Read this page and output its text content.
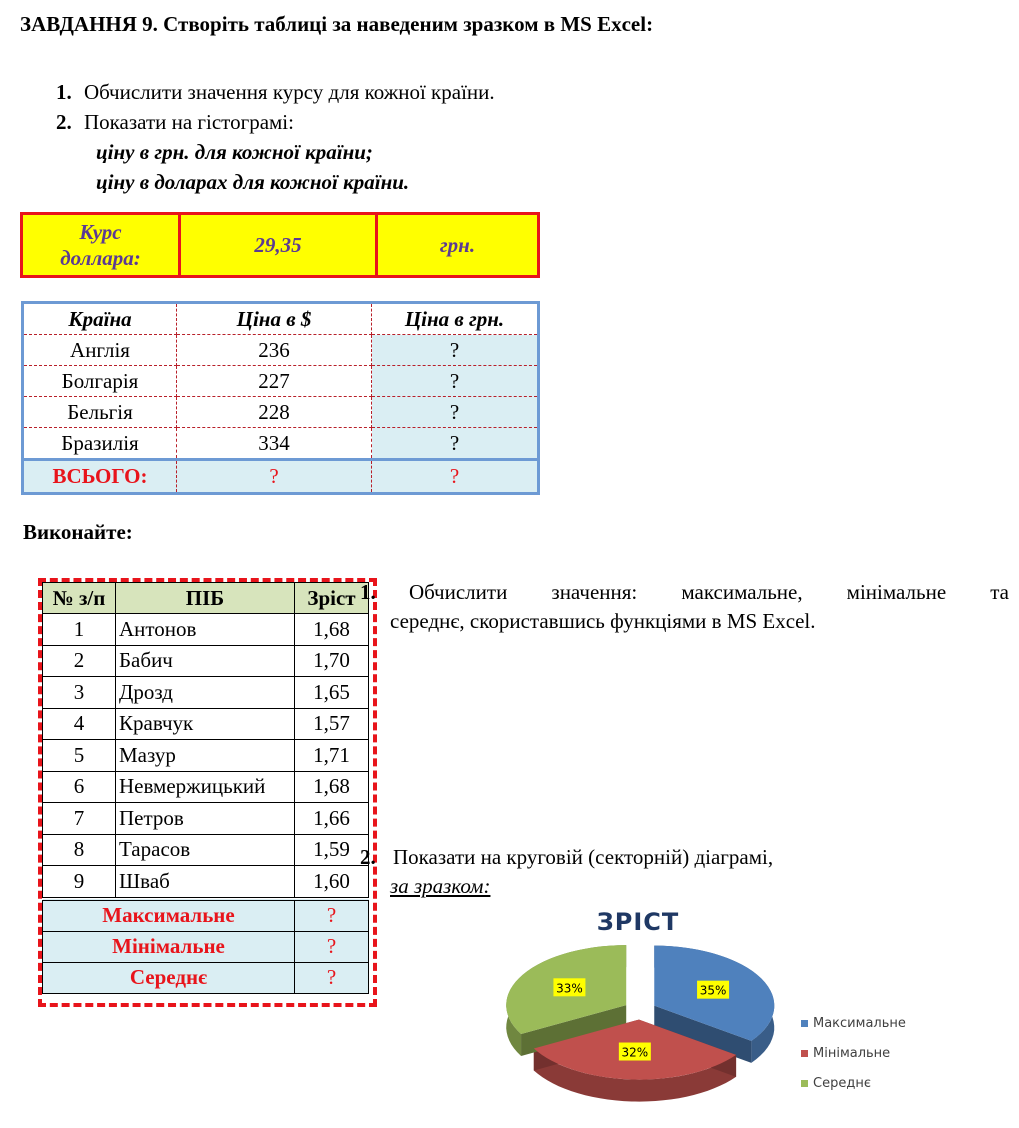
ЗАВДАННЯ 9. Створіть таблиці за наведеним зразком в MS Excel:
1. Обчислити значення курсу для кожної країни.
2. Показати на гістограмі:
ціну в грн. для кожної країни;
ціну в доларах для кожної країни.
Курс
доллара:	29,35	грн.
Країна	Ціна в $	Ціна в грн.
Англія	236	?
Болгарія	227	?
Бельгія	228	?
Бразилія	334	?
ВСЬОГО:	?	?
Виконайте:
№ з/п	ПІБ	Зріст
1	Антонов	1,68
2	Бабич	1,70
3	Дрозд	1,65
4	Кравчук	1,57
5	Мазур	1,71
6	Невмержицький	1,68
7	Петров	1,66
8	Тарасов	1,59
9	Шваб	1,60
Максимальне		?
Мінімальне		?
Середнє		?
1. Обчислити значення: максимальне, мінімальне та
середнє, скориставшись функціями в MS Excel.
2. Показати на круговій (секторній) діаграмі,
за зразком:
ЗРІСТ
35%
32%
33%
Максимальне
Мінімальне
Середнє
